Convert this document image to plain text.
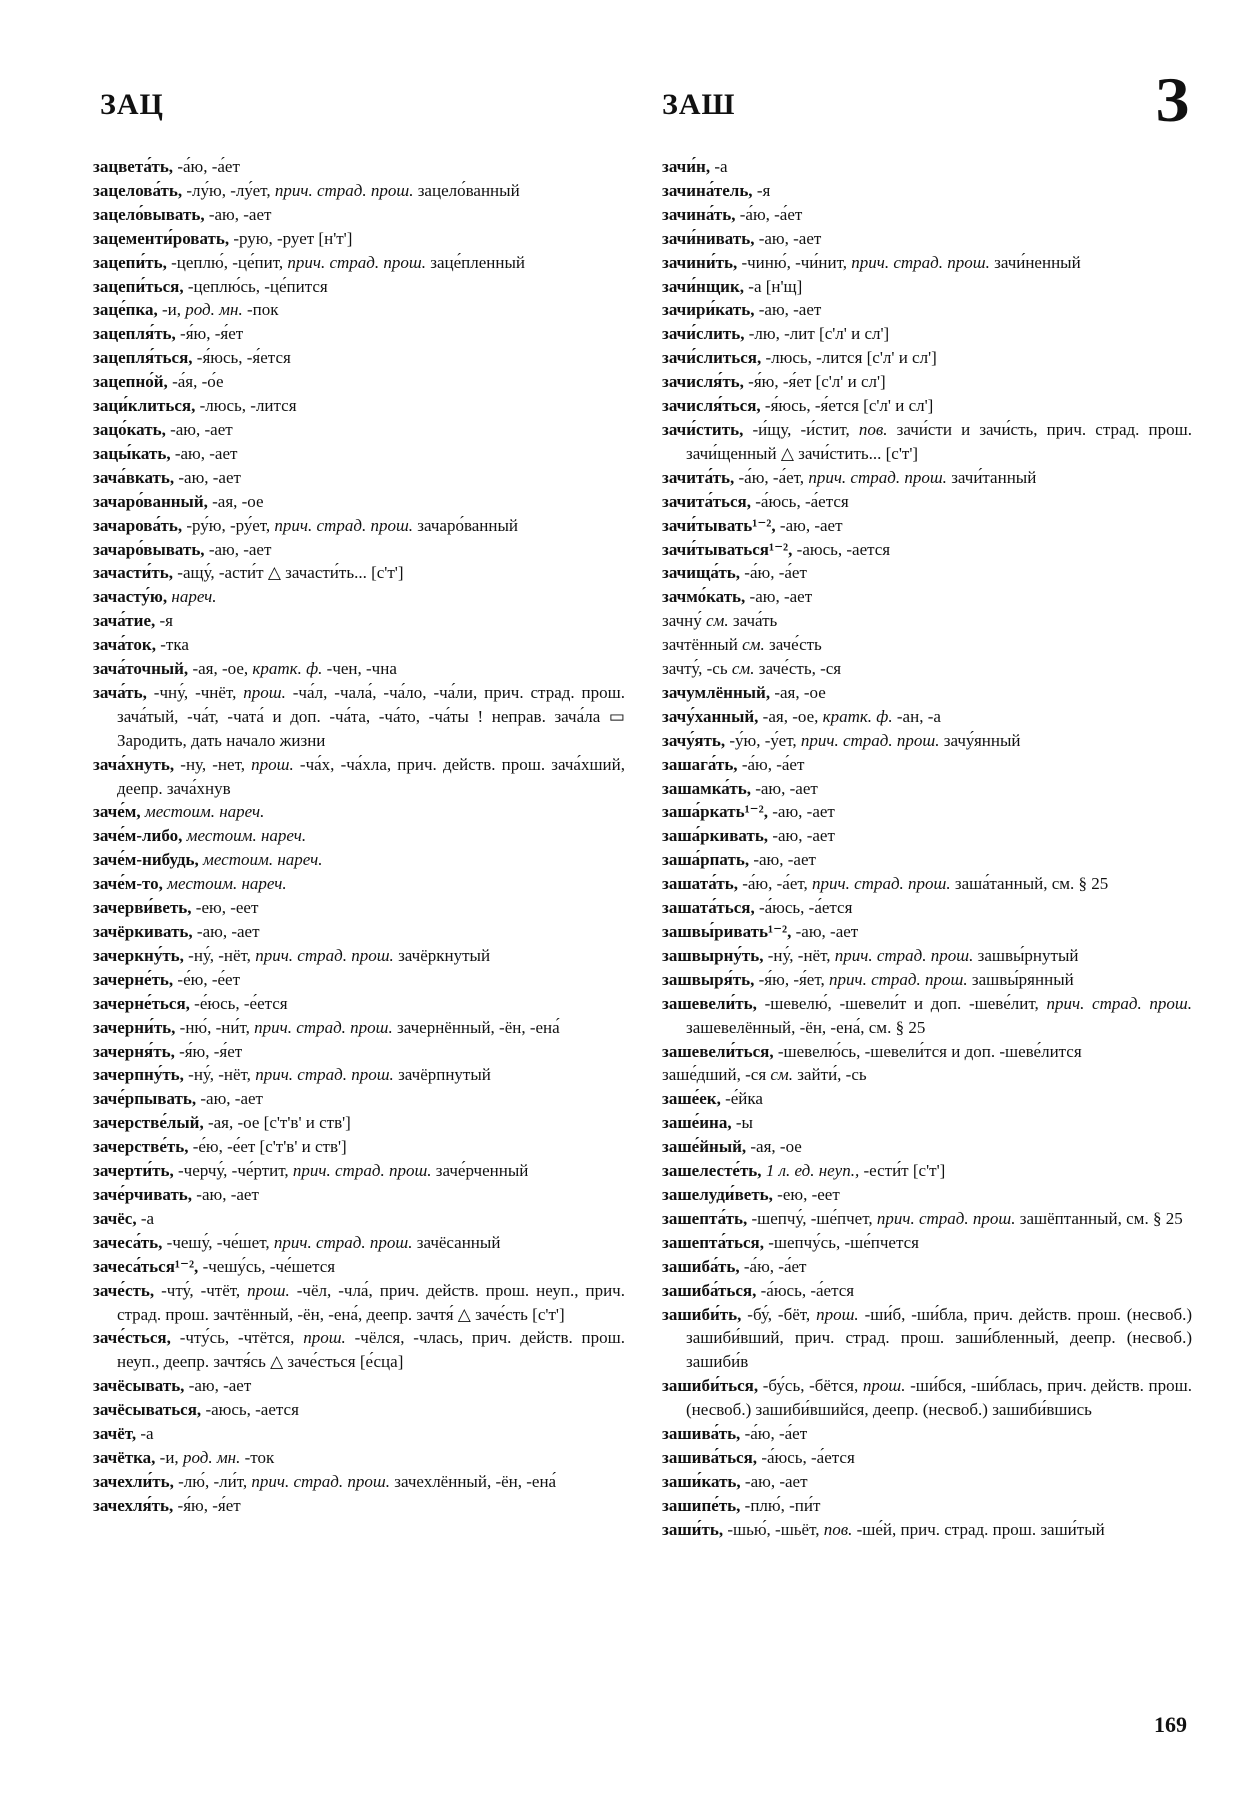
ЗАЦ	ЗАШ	З

зацвета́ть, -а́ю, -а́ет

зацелова́ть, -лу́ю, -лу́ет, прич. страд. прош. зацело́ванный

зацело́вывать, -аю, -ает

зацементи́ровать, -рую, -рует [н'т']

зацепи́ть, -цеплю́, -це́пит, прич. страд. прош. заце́пленный

зацепи́ться, -цеплю́сь, -це́пится

заце́пка, -и, род. мн. -пок

зацепля́ть, -я́ю, -я́ет

зацепля́ться, -я́юсь, -я́ется

зацепно́й, -а́я, -о́е

заци́клиться, -люсь, -лится

зацо́кать, -аю, -ает

зацы́кать, -аю, -ает

зача́вкать, -аю, -ает

зачаро́ванный, -ая, -ое

зачарова́ть, -ру́ю, -ру́ет, прич. страд. прош. зачаро́ванный

зачаро́вывать, -аю, -ает

зачасти́ть, -ащу́, -асти́т △ зачасти́ть... [с'т']

зачасту́ю, нареч.

зача́тие, -я

зача́ток, -тка

зача́точный, -ая, -ое, кратк. ф. -чен, -чна

зача́ть, -чну́, -чнёт, прош. -ча́л, -чала́, -ча́ло, -ча́ли, прич. страд. прош. зача́тый, -ча́т, -чата́ и доп. -ча́та, -ча́то, -ча́ты ! неправ. зача́ла ▭ Зародить, дать начало жизни

зача́хнуть, -ну, -нет, прош. -ча́х, -ча́хла, прич. действ. прош. зача́хший, деепр. зача́хнув

заче́м, местоим. нареч.

заче́м-либо, местоим. нареч.

заче́м-нибудь, местоим. нареч.

заче́м-то, местоим. нареч.

зачерви́веть, -ею, -еет

зачёркивать, -аю, -ает

зачеркну́ть, -ну́, -нёт, прич. страд. прош. зачёркнутый

зачерне́ть, -е́ю, -е́ет

зачерне́ться, -е́юсь, -е́ется

зачерни́ть, -ню́, -ни́т, прич. страд. прош. зачернённый, -ён, -ена́

зачерня́ть, -я́ю, -я́ет

зачерпну́ть, -ну́, -нёт, прич. страд. прош. зачёрпнутый

заче́рпывать, -аю, -ает

зачерстве́лый, -ая, -ое [с'т'в' и ств']

зачерстве́ть, -е́ю, -е́ет [с'т'в' и ств']

зачерти́ть, -черчу́, -че́ртит, прич. страд. прош. заче́рченный

заче́рчивать, -аю, -ает

зачёс, -а

зачеса́ть, -чешу́, -че́шет, прич. страд. прош. зачёсанный

зачеса́ться¹⁻², -чешу́сь, -че́шется

заче́сть, -чту́, -чтёт, прош. -чёл, -чла́, прич. действ. прош. неуп., прич. страд. прош. зачтённый, -ён, -ена́, деепр. зачтя́ △ заче́сть [с'т']

заче́сться, -чту́сь, -чтётся, прош. -чёлся, -члась, прич. действ. прош. неуп., деепр. зачтя́сь △ заче́сться [е́сца]

зачёсывать, -аю, -ает

зачёсываться, -аюсь, -ается

зачёт, -а

зачётка, -и, род. мн. -ток

зачехли́ть, -лю́, -ли́т, прич. страд. прош. зачехлённый, -ён, -ена́

зачехля́ть, -я́ю, -я́ет

зачи́н, -а

зачина́тель, -я

зачина́ть, -а́ю, -а́ет

зачи́нивать, -аю, -ает

зачини́ть, -чиню́, -чи́нит, прич. страд. прош. зачи́ненный

зачи́нщик, -а [н'щ]

зачири́кать, -аю, -ает

зачи́слить, -лю, -лит [с'л' и сл']

зачи́слиться, -люсь, -лится [с'л' и сл']

зачисля́ть, -я́ю, -я́ет [с'л' и сл']

зачисля́ться, -я́юсь, -я́ется [с'л' и сл']

зачи́стить, -и́щу, -и́стит, пов. зачи́сти и зачи́сть, прич. страд. прош. зачи́щенный △ зачи́стить... [с'т']

зачита́ть, -а́ю, -а́ет, прич. страд. прош. зачи́танный

зачита́ться, -а́юсь, -а́ется

зачи́тывать¹⁻², -аю, -ает

зачи́тываться¹⁻², -аюсь, -ается

зачища́ть, -а́ю, -а́ет

зачмо́кать, -аю, -ает

зачну́ см. зача́ть

зачтённый см. заче́сть

зачту́, -сь см. заче́сть, -ся

зачумлённый, -ая, -ое

зачу́ханный, -ая, -ое, кратк. ф. -ан, -а

зачу́ять, -у́ю, -у́ет, прич. страд. прош. зачу́янный

зашага́ть, -а́ю, -а́ет

зашамка́ть, -аю, -ает

заша́ркать¹⁻², -аю, -ает

заша́ркивать, -аю, -ает

заша́рпать, -аю, -ает

зашата́ть, -а́ю, -а́ет, прич. страд. прош. заша́танный, см. § 25

зашата́ться, -а́юсь, -а́ется

зашвы́ривать¹⁻², -аю, -ает

зашвырну́ть, -ну́, -нёт, прич. страд. прош. зашвы́рнутый

зашвыря́ть, -я́ю, -я́ет, прич. страд. прош. зашвы́рянный

зашевели́ть, -шевелю́, -шевели́т и доп. -шеве́лит, прич. страд. прош. зашевелённый, -ён, -ена́, см. § 25

зашевели́ться, -шевелю́сь, -шевели́тся и доп. -шеве́лится

заше́дший, -ся см. зайти́, -сь

заше́ек, -е́йка

заше́ина, -ы

заше́йный, -ая, -ое

зашелесте́ть, 1 л. ед. неуп., -ести́т [с'т']

зашелуди́веть, -ею, -еет

зашепта́ть, -шепчу́, -ше́пчет, прич. страд. прош. зашёптанный, см. § 25

зашепта́ться, -шепчу́сь, -ше́пчется

зашиба́ть, -а́ю, -а́ет

зашиба́ться, -а́юсь, -а́ется

зашиби́ть, -бу́, -бёт, прош. -ши́б, -ши́бла, прич. действ. прош. (несвоб.) зашиби́вший, прич. страд. прош. заши́бленный, деепр. (несвоб.) зашиби́в

зашиби́ться, -бу́сь, -бётся, прош. -ши́бся, -ши́блась, прич. действ. прош. (несвоб.) зашиби́вшийся, деепр. (несвоб.) зашиби́вшись

зашива́ть, -а́ю, -а́ет

зашива́ться, -а́юсь, -а́ется

заши́кать, -аю, -ает

зашипе́ть, -плю́, -пи́т

заши́ть, -шью́, -шьёт, пов. -ше́й, прич. страд. прош. заши́тый

169
